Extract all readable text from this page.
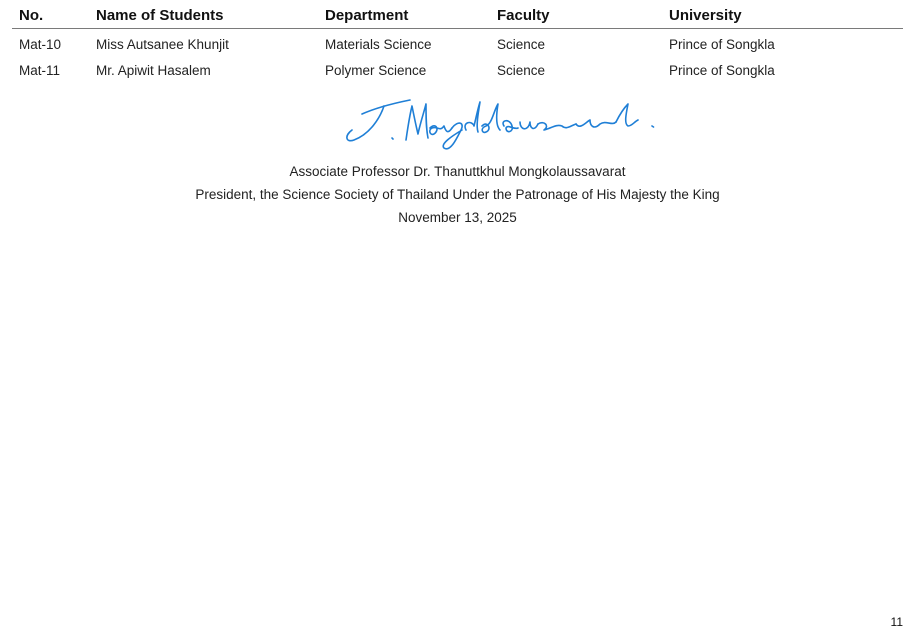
No.	Name of Students	Department	Faculty	University
Mat-10	Miss Autsanee Khunjit	Materials Science	Science	Prince of Songkla
Mat-11	Mr. Apiwit Hasalem	Polymer Science	Science	Prince of Songkla
Associate Professor Dr. Thanuttkhul Mongkolaussavarat
President, the Science Society of Thailand Under the Patronage of His Majesty the King
November 13, 2025
11
